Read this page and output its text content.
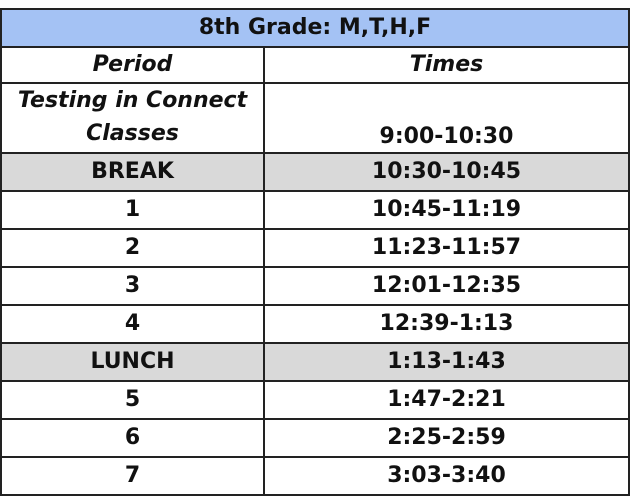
8th Grade: M,T,H,F	
Period	Times
Testing in Connect
Classes	9:00-10:30
BREAK	10:30-10:45
1	10:45-11:19
2	11:23-11:57
3	12:01-12:35
4	12:39-1:13
LUNCH	1:13-1:43
5	1:47-2:21
6	2:25-2:59
7	3:03-3:40
